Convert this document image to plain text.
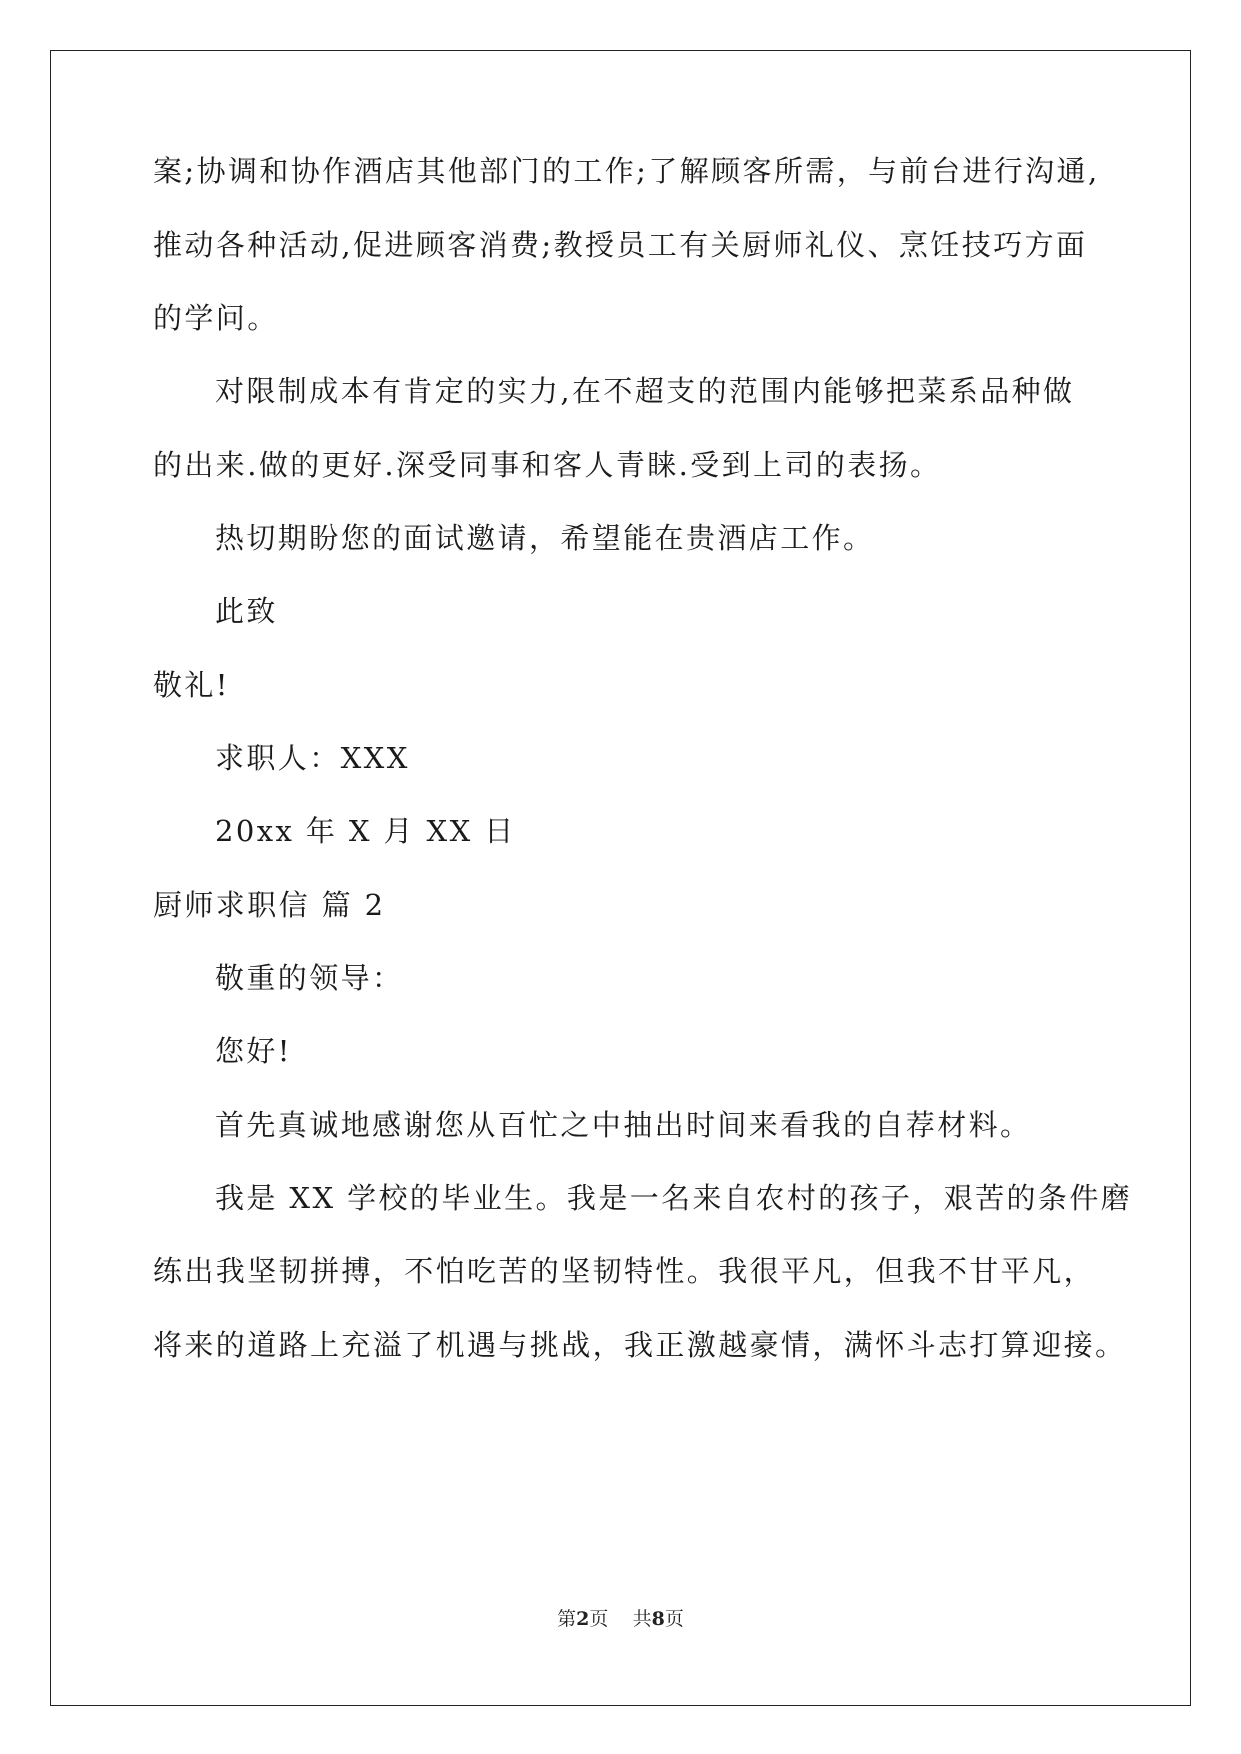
案;协调和协作酒店其他部门的工作;了解顾客所需，与前台进行沟通,
推动各种活动,促进顾客消费;教授员工有关厨师礼仪、烹饪技巧方面
的学问。
对限制成本有肯定的实力,在不超支的范围内能够把菜系品种做
的出来.做的更好.深受同事和客人青睐.受到上司的表扬。
热切期盼您的面试邀请，希望能在贵酒店工作。
此致
敬礼!
求职人：XXX
20xx 年 X 月 XX 日
厨师求职信 篇 2
敬重的领导：
您好!
首先真诚地感谢您从百忙之中抽出时间来看我的自荐材料。
我是 XX 学校的毕业生。我是一名来自农村的孩子，艰苦的条件磨
练出我坚韧拼搏，不怕吃苦的坚韧特性。我很平凡，但我不甘平凡，
将来的道路上充溢了机遇与挑战，我正激越豪情，满怀斗志打算迎接。
第2页 共8页
